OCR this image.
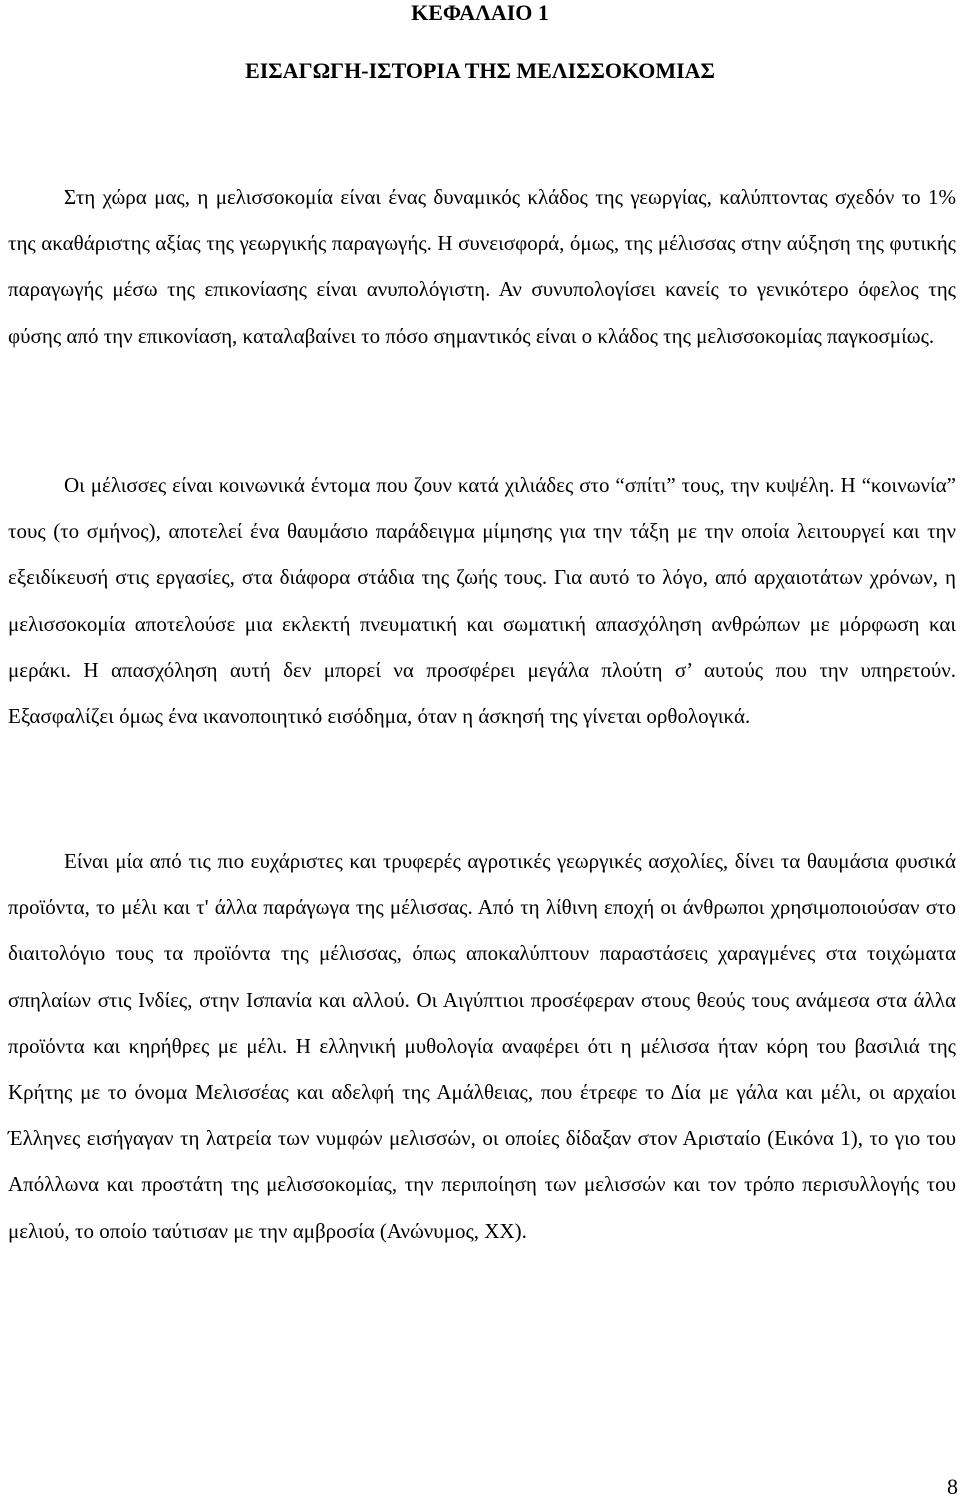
ΚΕΦΑΛΑΙΟ 1
ΕΙΣΑΓΩΓΗ-ΙΣΤΟΡΙΑ ΤΗΣ ΜΕΛΙΣΣΟΚΟΜΙΑΣ

Στη χώρα μας, η μελισσοκομία είναι ένας δυναμικός κλάδος της γεωργίας, καλύπτοντας σχεδόν το 1% της ακαθάριστης αξίας της γεωργικής παραγωγής. Η συνεισφορά, όμως, της μέλισσας στην αύξηση της φυτικής παραγωγής μέσω της επικονίασης είναι ανυπολόγιστη. Αν συνυπολογίσει κανείς το γενικότερο όφελος της φύσης από την επικονίαση, καταλαβαίνει το πόσο σημαντικός είναι ο κλάδος της μελισσοκομίας παγκοσμίως.

Οι μέλισσες είναι κοινωνικά έντομα που ζουν κατά χιλιάδες στο “σπίτι” τους, την κυψέλη. Η “κοινωνία” τους (το σμήνος), αποτελεί ένα θαυμάσιο παράδειγμα μίμησης για την τάξη με την οποία λειτουργεί και την εξειδίκευσή στις εργασίες, στα διάφορα στάδια της ζωής τους. Για αυτό το λόγο, από αρχαιοτάτων χρόνων, η μελισσοκομία αποτελούσε μια εκλεκτή πνευματική και σωματική απασχόληση ανθρώπων με μόρφωση και μεράκι. Η απασχόληση αυτή δεν μπορεί να προσφέρει μεγάλα πλούτη σ’ αυτούς που την υπηρετούν. Εξασφαλίζει όμως ένα ικανοποιητικό εισόδημα, όταν η άσκησή της γίνεται ορθολογικά.

Είναι μία από τις πιο ευχάριστες και τρυφερές αγροτικές γεωργικές ασχολίες, δίνει τα θαυμάσια φυσικά προϊόντα, το μέλι και τ' άλλα παράγωγα της μέλισσας. Από τη λίθινη εποχή οι άνθρωποι χρησιμοποιούσαν στο διαιτολόγιο τους τα προϊόντα της μέλισσας, όπως αποκαλύπτουν παραστάσεις χαραγμένες στα τοιχώματα σπηλαίων στις Ινδίες, στην Ισπανία και αλλού. Οι Αιγύπτιοι προσέφεραν στους θεούς τους ανάμεσα στα άλλα προϊόντα και κηρήθρες με μέλι. Η ελληνική μυθολογία αναφέρει ότι η μέλισσα ήταν κόρη του βασιλιά της Κρήτης με το όνομα Μελισσέας και αδελφή της Αμάλθειας, που έτρεφε το Δία με γάλα και μέλι, οι αρχαίοι Έλληνες εισήγαγαν τη λατρεία των νυμφών μελισσών, οι οποίες δίδαξαν στον Αρισταίο (Εικόνα 1), το γιο του Απόλλωνα και προστάτη της μελισσοκομίας, την περιποίηση των μελισσών και τον τρόπο περισυλλογής του μελιού, το οποίο ταύτισαν με την αμβροσία (Ανώνυμος, ΧΧ).

8
